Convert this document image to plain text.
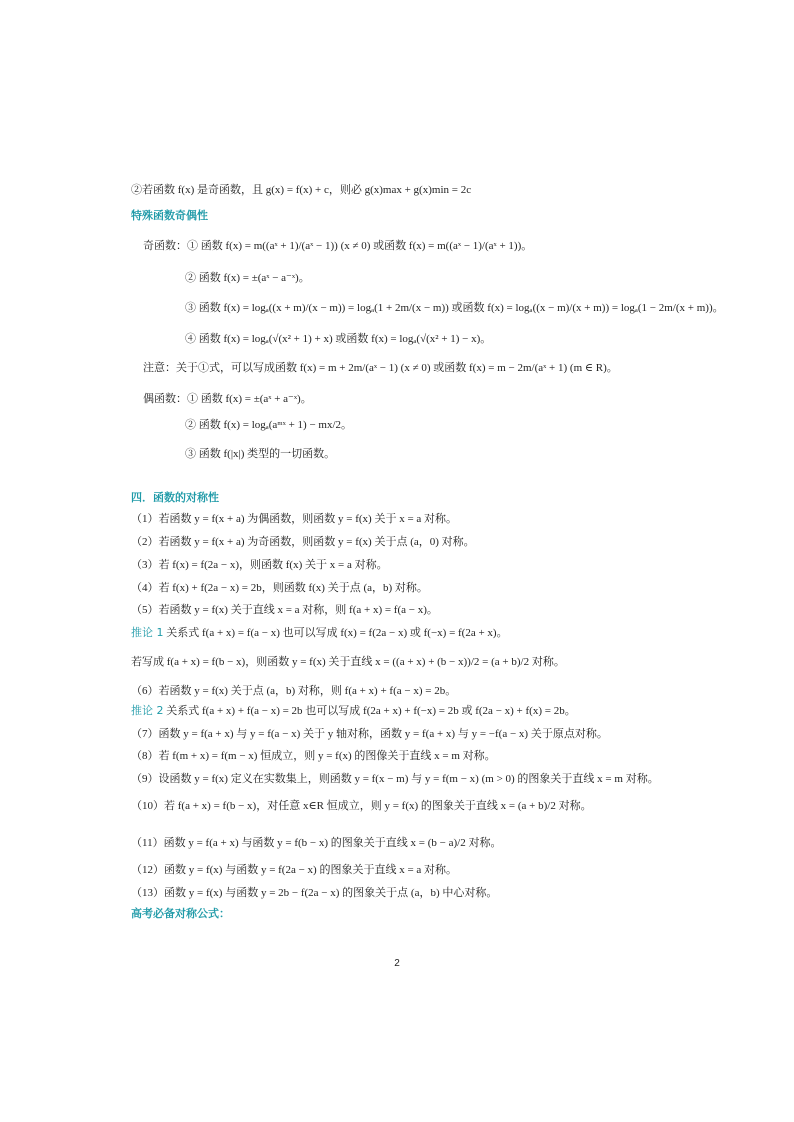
②若函数 f(x) 是奇函数，且 g(x) = f(x) + c，则必 g(x)max + g(x)min = 2c
特殊函数奇偶性
奇函数：① 函数 f(x) = m((aˣ + 1)/(aˣ − 1)) (x ≠ 0) 或函数 f(x) = m((aˣ − 1)/(aˣ + 1))。
② 函数 f(x) = ±(aˣ − a⁻ˣ)。
③ 函数 f(x) = logₐ((x + m)/(x − m)) = logₐ(1 + 2m/(x − m)) 或函数 f(x) = logₐ((x − m)/(x + m)) = logₐ(1 − 2m/(x + m))。
④ 函数 f(x) = logₐ(√(x² + 1) + x) 或函数 f(x) = logₐ(√(x² + 1) − x)。
注意：关于①式，可以写成函数 f(x) = m + 2m/(aˣ − 1) (x ≠ 0) 或函数 f(x) = m − 2m/(aˣ + 1) (m ∈ R)。
偶函数：① 函数 f(x) = ±(aˣ + a⁻ˣ)。
② 函数 f(x) = logₐ(aᵐˣ + 1) − mx/2。
③ 函数 f(|x|) 类型的一切函数。
四．函数的对称性
（1）若函数 y = f(x + a) 为偶函数，则函数 y = f(x) 关于 x = a 对称。
（2）若函数 y = f(x + a) 为奇函数，则函数 y = f(x) 关于点 (a，0) 对称。
（3）若 f(x) = f(2a − x)，则函数 f(x) 关于 x = a 对称。
（4）若 f(x) + f(2a − x) = 2b，则函数 f(x) 关于点 (a，b) 对称。
（5）若函数 y = f(x) 关于直线 x = a 对称，则 f(a + x) = f(a − x)。
推论 1 关系式 f(a + x) = f(a − x) 也可以写成 f(x) = f(2a − x) 或 f(−x) = f(2a + x)。
若写成 f(a + x) = f(b − x)，则函数 y = f(x) 关于直线 x = ((a + x) + (b − x))/2 = (a + b)/2 对称。
（6）若函数 y = f(x) 关于点 (a，b) 对称，则 f(a + x) + f(a − x) = 2b。
推论 2 关系式 f(a + x) + f(a − x) = 2b 也可以写成 f(2a + x) + f(−x) = 2b 或 f(2a − x) + f(x) = 2b。
（7）函数 y = f(a + x) 与 y = f(a − x) 关于 y 轴对称，函数 y = f(a + x) 与 y = −f(a − x) 关于原点对称。
（8）若 f(m + x) = f(m − x) 恒成立，则 y = f(x) 的图像关于直线 x = m 对称。
（9）设函数 y = f(x) 定义在实数集上，则函数 y = f(x − m) 与 y = f(m − x) (m > 0) 的图象关于直线 x = m 对称。
（10）若 f(a + x) = f(b − x)，对任意 x∈R 恒成立，则 y = f(x) 的图象关于直线 x = (a + b)/2 对称。
（11）函数 y = f(a + x) 与函数 y = f(b − x) 的图象关于直线 x = (b − a)/2 对称。
（12）函数 y = f(x) 与函数 y = f(2a − x) 的图象关于直线 x = a 对称。
（13）函数 y = f(x) 与函数 y = 2b − f(2a − x) 的图象关于点 (a，b) 中心对称。
高考必备对称公式：
2
